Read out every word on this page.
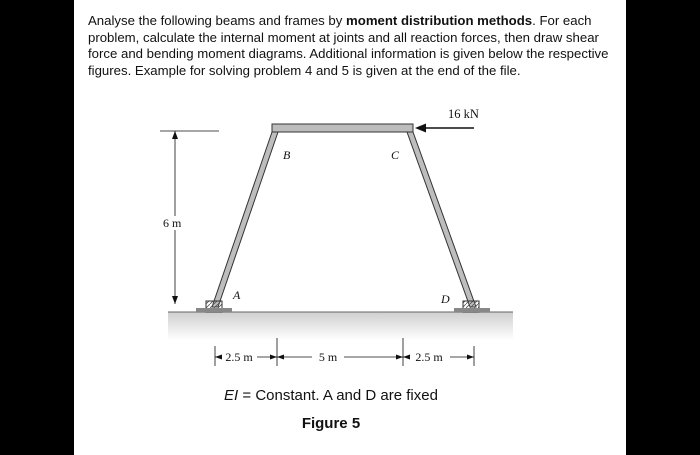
Analyse the following beams and frames by moment distribution methods. For each problem, calculate the internal moment at joints and all reaction forces, then draw shear force and bending moment diagrams. Additional information is given below the respective figures. Example for solving problem 4 and 5 is given at the end of the file.

16 kN
6 m
B	C
A	D
2.5 m	5 m	2.5 m
EI = Constant. A and D are fixed
Figure 5
